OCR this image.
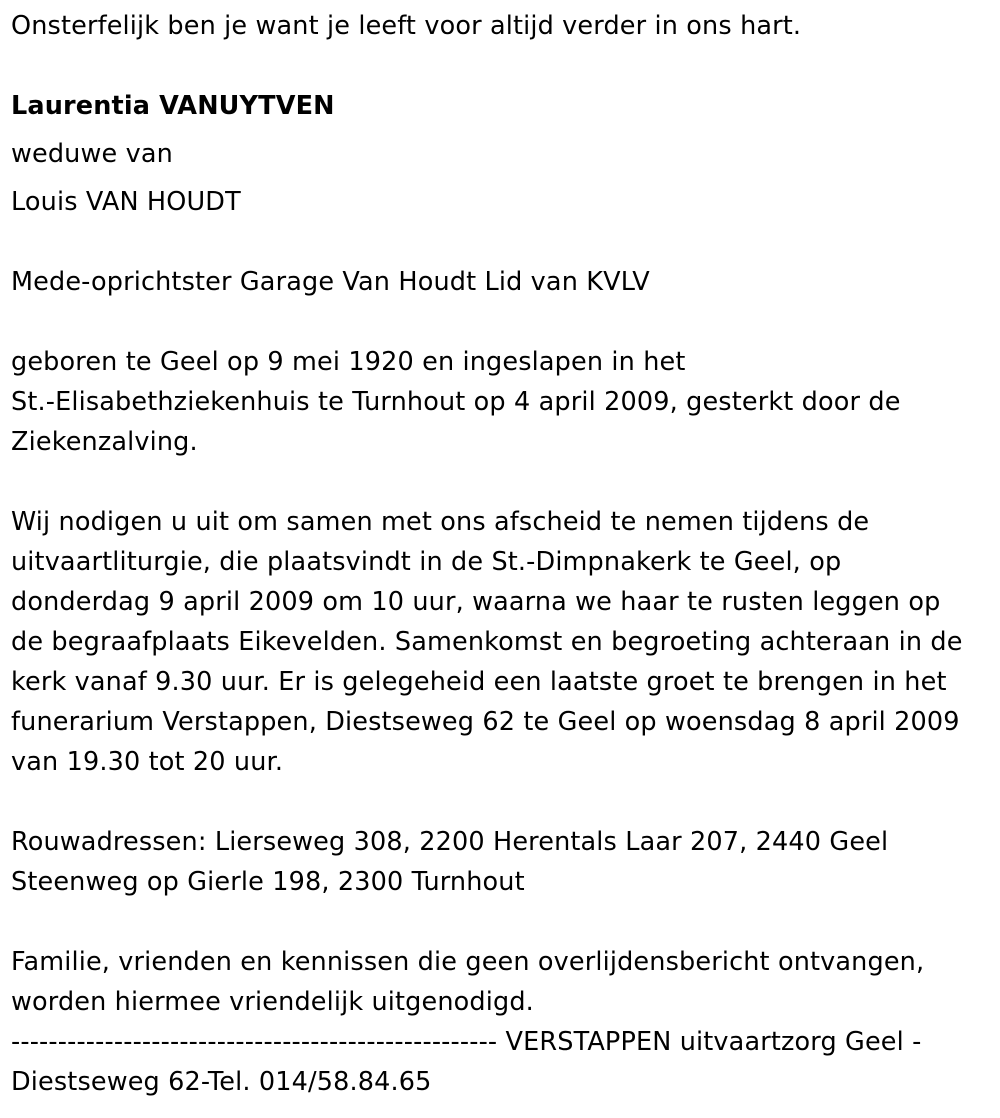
Onsterfelijk ben je want je leeft voor altijd verder in ons hart.
Laurentia VANUYTVEN
weduwe van
Louis VAN HOUDT
Mede-oprichtster Garage Van Houdt Lid van KVLV
geboren te Geel op 9 mei 1920 en ingeslapen in het
St.-Elisabethziekenhuis te Turnhout op 4 april 2009, gesterkt door de
Ziekenzalving.
Wij nodigen u uit om samen met ons afscheid te nemen tijdens de
uitvaartliturgie, die plaatsvindt in de St.-Dimpnakerk te Geel, op
donderdag 9 april 2009 om 10 uur, waarna we haar te rusten leggen op
de begraafplaats Eikevelden. Samenkomst en begroeting achteraan in de
kerk vanaf 9.30 uur. Er is gelegeheid een laatste groet te brengen in het
funerarium Verstappen, Diestseweg 62 te Geel op woensdag 8 april 2009
van 19.30 tot 20 uur.
Rouwadressen: Lierseweg 308, 2200 Herentals Laar 207, 2440 Geel
Steenweg op Gierle 198, 2300 Turnhout
Familie, vrienden en kennissen die geen overlijdensbericht ontvangen,
worden hiermee vriendelijk uitgenodigd.
---------------------------------------------------- VERSTAPPEN uitvaartzorg Geel -
Diestseweg 62-Tel. 014/58.84.65
